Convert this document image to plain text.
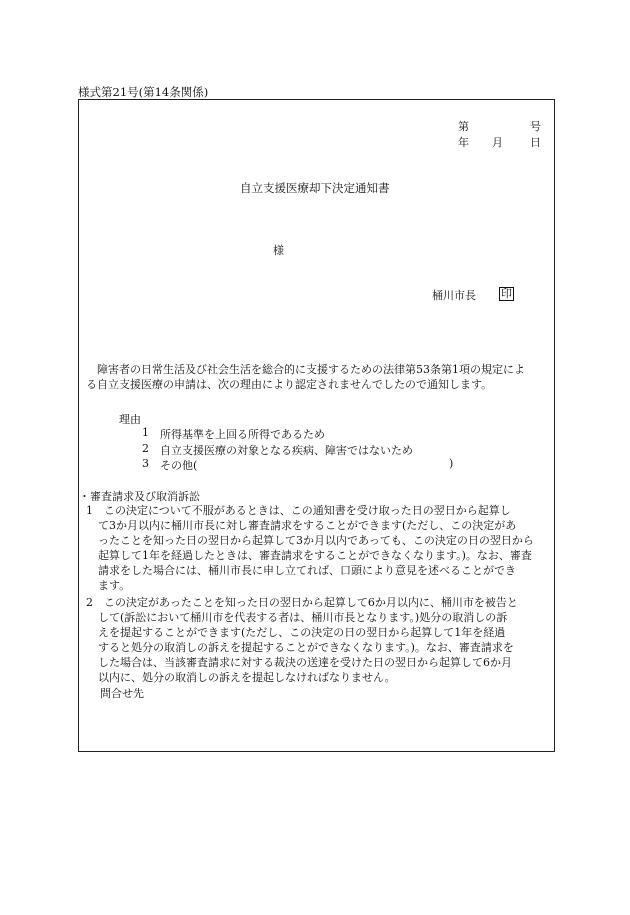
様式第21号(第14条関係)
第	号
年 月 日
自立支援医療却下決定通知書
様
桶川市長 印
障害者の日常生活及び社会生活を総合的に支援するための法律第53条第1項の規定によ
る自立支援医療の申請は、次の理由により認定されませんでしたので通知します。
理由
1 所得基準を上回る所得であるため
2 自立支援医療の対象となる疾病、障害ではないため
3 その他(	)
・審査請求及び取消訴訟
1　この決定について不服があるときは、この通知書を受け取った日の翌日から起算し
て3か月以内に桶川市長に対し審査請求をすることができます(ただし、この決定があ
ったことを知った日の翌日から起算して3か月以内であっても、この決定の日の翌日から
起算して1年を経過したときは、審査請求をすることができなくなります。)。なお、審査
請求をした場合には、桶川市長に申し立てれば、口頭により意見を述べることができ
ます。
2　この決定があったことを知った日の翌日から起算して6か月以内に、桶川市を被告と
して(訴訟において桶川市を代表する者は、桶川市長となります。)処分の取消しの訴
えを提起することができます(ただし、この決定の日の翌日から起算して1年を経過
すると処分の取消しの訴えを提起することができなくなります。)。なお、審査請求を
した場合は、当該審査請求に対する裁決の送達を受けた日の翌日から起算して6か月
以内に、処分の取消しの訴えを提起しなければなりません。
問合せ先
